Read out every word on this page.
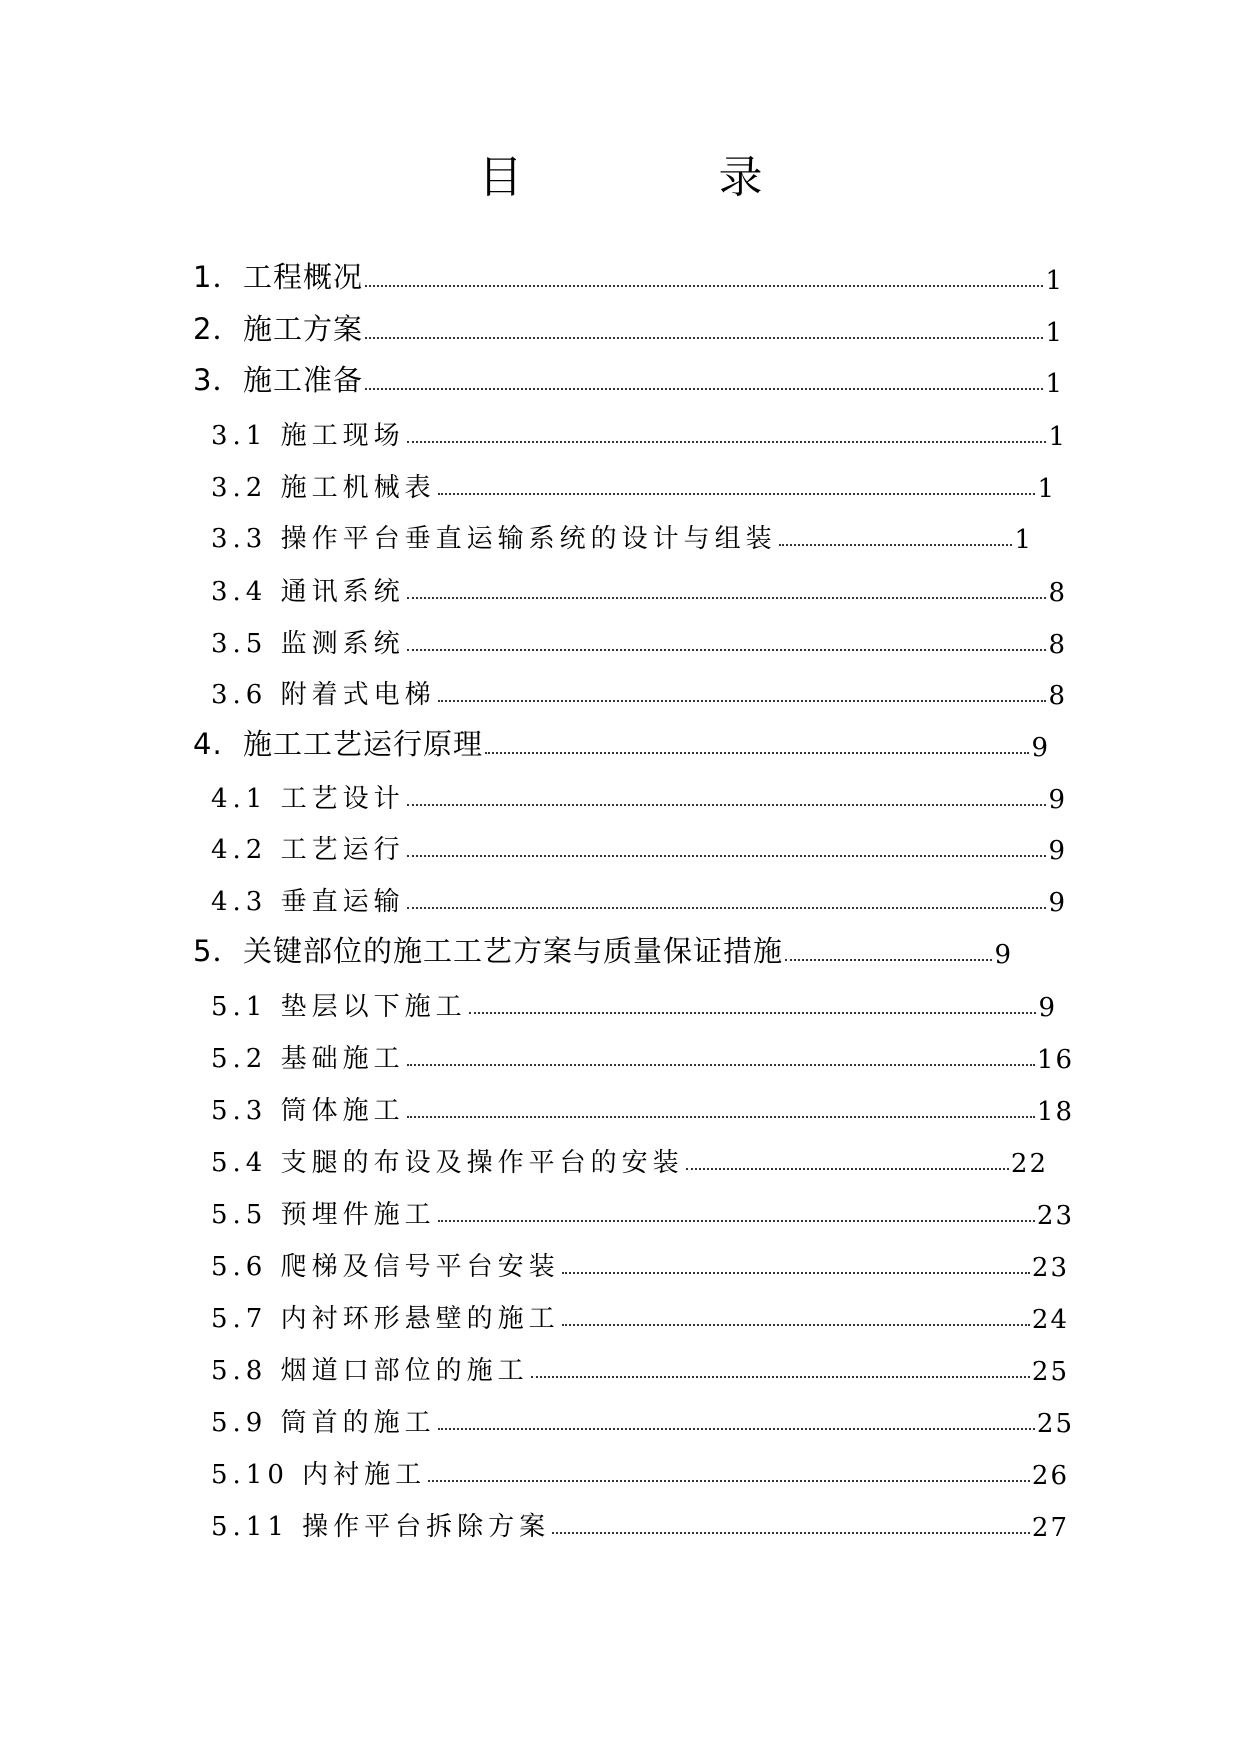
目　录
1．工程概况	1
2．施工方案	1
3．施工准备	1
3.1 施工现场	1
3.2 施工机械表	1
3.3 操作平台垂直运输系统的设计与组装	1
3.4 通讯系统	8
3.5 监测系统	8
3.6 附着式电梯	8
4. 施工工艺运行原理	9
4.1 工艺设计	9
4.2 工艺运行	9
4.3 垂直运输	9
5．关键部位的施工工艺方案与质量保证措施	9
5.1 垫层以下施工	9
5.2 基础施工	16
5.3 筒体施工	18
5.4 支腿的布设及操作平台的安装	22
5.5 预埋件施工	23
5.6 爬梯及信号平台安装	23
5.7 内衬环形悬壁的施工	24
5.8 烟道口部位的施工	25
5.9 筒首的施工	25
5.10 内衬施工	26
5.11 操作平台拆除方案	27
